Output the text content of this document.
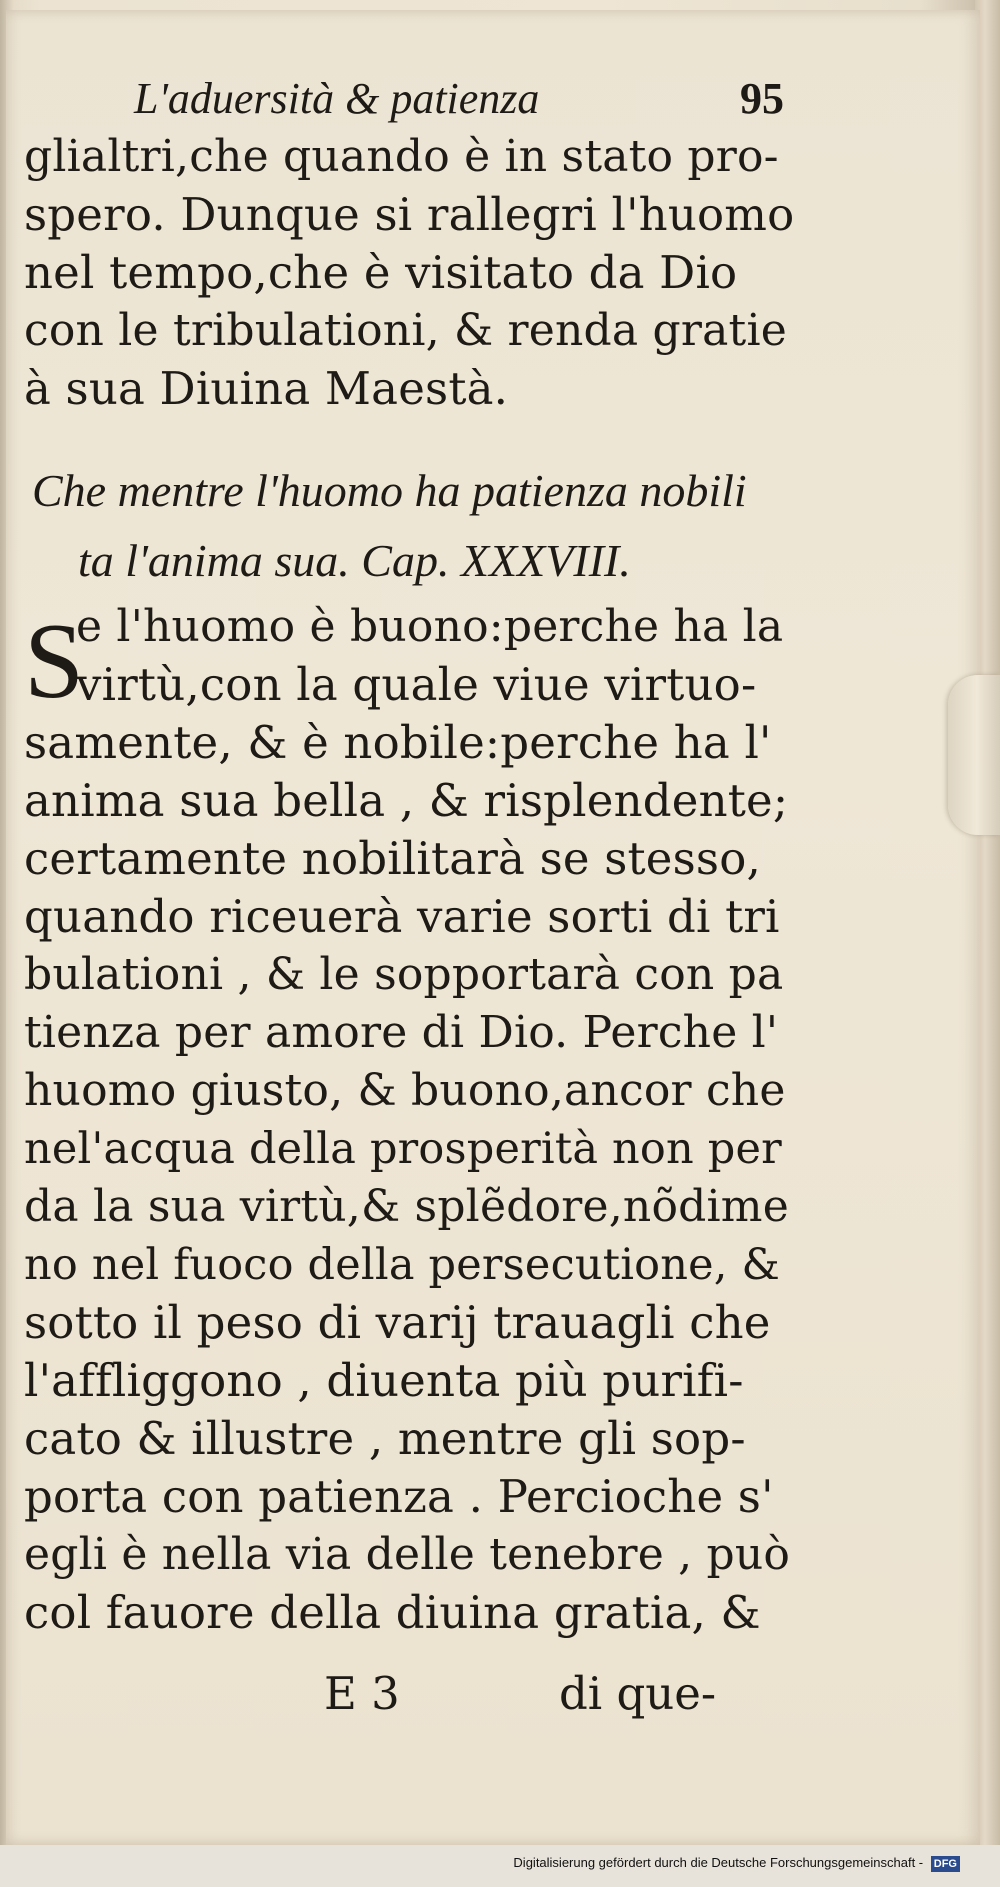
L'aduersità & patienza	95
glialtri,che quando è in stato pro-
spero. Dunque si rallegri l'huomo
nel tempo,che è visitato da Dio
con le tribulationi, & renda gratie
à sua Diuina Maestà.
Che mentre l'huomo ha patienza nobili
ta l'anima sua. Cap. XXXVIII.
S
e l'huomo è buono:perche ha la
virtù,con la quale viue virtuo-
samente, & è nobile:perche ha l'
anima sua bella , & risplendente;
certamente nobilitarà se stesso,
quando riceuerà varie sorti di tri
bulationi , & le sopportarà con pa
tienza per amore di Dio. Perche l'
huomo giusto, & buono,ancor che
nel'acqua della prosperità non per
da la sua virtù,& splẽdore,nõdime
no nel fuoco della persecutione, &
sotto il peso di varij trauagli che
l'affliggono , diuenta più purifi-
cato & illustre , mentre gli sop-
porta con patienza . Percioche s'
egli è nella via delle tenebre , può
col fauore della diuina gratia, &
E 3	di que-
Digitalisierung gefördert durch die Deutsche Forschungsgemeinschaft - DFG
